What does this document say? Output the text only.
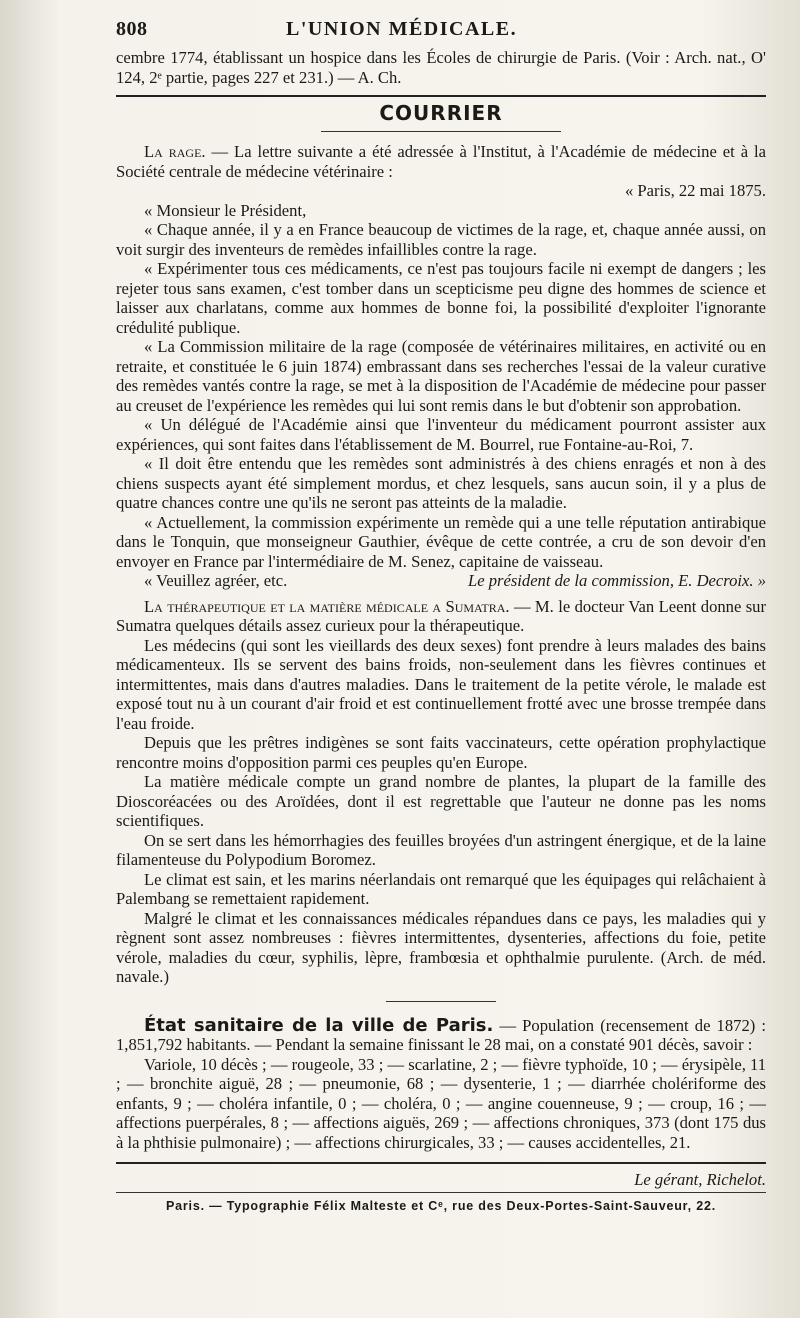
808	L'UNION MÉDICALE.

cembre 1774, établissant un hospice dans les Écoles de chirurgie de Paris. (Voir : Arch. nat., O' 124, 2ᵉ partie, pages 227 et 231.) — A. Ch.

COURRIER

La rage. — La lettre suivante a été adressée à l'Institut, à l'Académie de médecine et à la Société centrale de médecine vétérinaire :

« Paris, 22 mai 1875.

« Monsieur le Président,

« Chaque année, il y a en France beaucoup de victimes de la rage, et, chaque année aussi, on voit surgir des inventeurs de remèdes infaillibles contre la rage.

« Expérimenter tous ces médicaments, ce n'est pas toujours facile ni exempt de dangers ; les rejeter tous sans examen, c'est tomber dans un scepticisme peu digne des hommes de science et laisser aux charlatans, comme aux hommes de bonne foi, la possibilité d'exploiter l'ignorante crédulité publique.

« La Commission militaire de la rage (composée de vétérinaires militaires, en activité ou en retraite, et constituée le 6 juin 1874) embrassant dans ses recherches l'essai de la valeur curative des remèdes vantés contre la rage, se met à la disposition de l'Académie de médecine pour passer au creuset de l'expérience les remèdes qui lui sont remis dans le but d'obtenir son approbation.

« Un délégué de l'Académie ainsi que l'inventeur du médicament pourront assister aux expériences, qui sont faites dans l'établissement de M. Bourrel, rue Fontaine-au-Roi, 7.

« Il doit être entendu que les remèdes sont administrés à des chiens enragés et non à des chiens suspects ayant été simplement mordus, et chez lesquels, sans aucun soin, il y a plus de quatre chances contre une qu'ils ne seront pas atteints de la maladie.

« Actuellement, la commission expérimente un remède qui a une telle réputation antirabique dans le Tonquin, que monseigneur Gauthier, évêque de cette contrée, a cru de son devoir d'en envoyer en France par l'intermédiaire de M. Senez, capitaine de vaisseau.

« Veuillez agréer, etc.	Le président de la commission, E. Decroix. »

La thérapeutique et la matière médicale a Sumatra. — M. le docteur Van Leent donne sur Sumatra quelques détails assez curieux pour la thérapeutique.

Les médecins (qui sont les vieillards des deux sexes) font prendre à leurs malades des bains médicamenteux. Ils se servent des bains froids, non-seulement dans les fièvres continues et intermittentes, mais dans d'autres maladies. Dans le traitement de la petite vérole, le malade est exposé tout nu à un courant d'air froid et est continuellement frotté avec une brosse trempée dans l'eau froide.

Depuis que les prêtres indigènes se sont faits vaccinateurs, cette opération prophylactique rencontre moins d'opposition parmi ces peuples qu'en Europe.

La matière médicale compte un grand nombre de plantes, la plupart de la famille des Dioscoréacées ou des Aroïdées, dont il est regrettable que l'auteur ne donne pas les noms scientifiques.

On se sert dans les hémorrhagies des feuilles broyées d'un astringent énergique, et de la laine filamenteuse du Polypodium Boromez.

Le climat est sain, et les marins néerlandais ont remarqué que les équipages qui relâchaient à Palembang se remettaient rapidement.

Malgré le climat et les connaissances médicales répandues dans ce pays, les maladies qui y règnent sont assez nombreuses : fièvres intermittentes, dysenteries, affections du foie, petite vérole, maladies du cœur, syphilis, lèpre, frambœsia et ophthalmie purulente. (Arch. de méd. navale.)

État sanitaire de la ville de Paris. — Population (recensement de 1872) : 1,851,792 habitants. — Pendant la semaine finissant le 28 mai, on a constaté 901 décès, savoir :

Variole, 10 décès ; — rougeole, 33 ; — scarlatine, 2 ; — fièvre typhoïde, 10 ; — érysipèle, 11 ; — bronchite aiguë, 28 ; — pneumonie, 68 ; — dysenterie, 1 ; — diarrhée cholériforme des enfants, 9 ; — choléra infantile, 0 ; — choléra, 0 ; — angine couenneuse, 9 ; — croup, 16 ; — affections puerpérales, 8 ; — affections aiguës, 269 ; — affections chroniques, 373 (dont 175 dus à la phthisie pulmonaire) ; — affections chirurgicales, 33 ; — causes accidentelles, 21.

Le gérant, Richelot.
Paris. — Typographie Félix Malteste et Cᵉ, rue des Deux-Portes-Saint-Sauveur, 22.
